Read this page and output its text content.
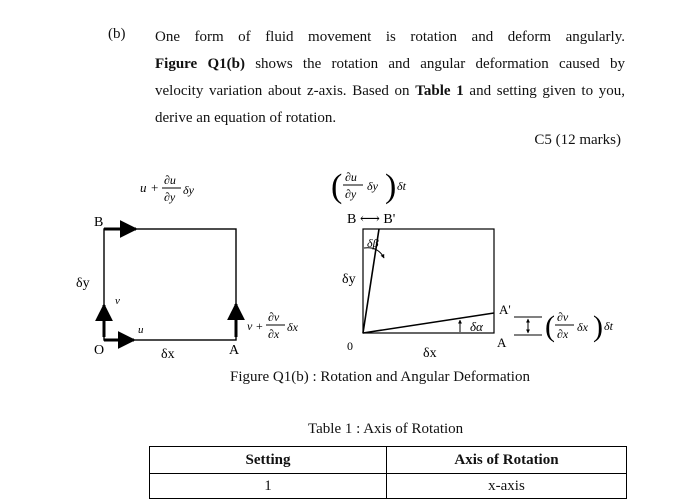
(b) One form of fluid movement is rotation and deform angularly.

Figure Q1(b) shows the rotation and angular deformation caused by

velocity variation about z-axis. Based on Table 1 and setting given to you,

derive an equation of rotation.

C5 (12 marks)
u + ∂u
∂y δy
B
δy
v
u
O	δx	A
v +
∂v
∂x δx
( ∂u
∂y
δy ) δt
B ⟷ B'
δβ
δy
0
δα
A'
A
δx
( ∂v
∂x δx ) δt
Figure Q1(b) : Rotation and Angular Deformation
Table 1 : Axis of Rotation
Setting	Axis of Rotation
1	x-axis
